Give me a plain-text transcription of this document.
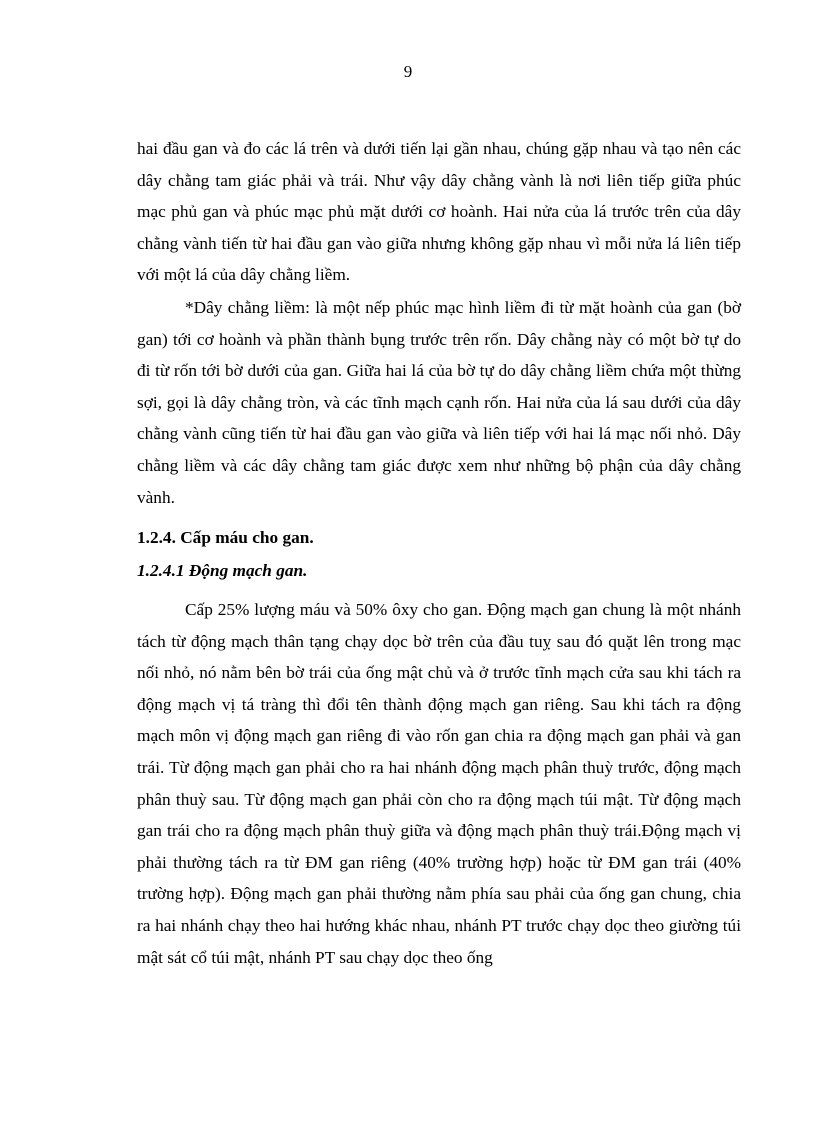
9

hai đầu gan và đo các lá trên và dưới tiến lại gần nhau, chúng gặp nhau và tạo nên các dây chằng tam giác phải và trái. Như vậy dây chằng vành là nơi liên tiếp giữa phúc mạc phủ gan và phúc mạc phủ mặt dưới cơ hoành. Hai nửa của lá trước trên của dây chằng vành tiến từ hai đầu gan vào giữa nhưng không gặp nhau vì mỗi nửa lá liên tiếp với một lá của dây chằng liềm.

*Dây chằng liềm: là một nếp phúc mạc hình liềm đi từ mặt hoành của gan (bờ gan) tới cơ hoành và phần thành bụng trước trên rốn. Dây chằng này có một bờ tự do đi từ rốn tới bờ dưới của gan. Giữa hai lá của bờ tự do dây chằng liềm chứa một thừng sợi, gọi là dây chằng tròn, và các tĩnh mạch cạnh rốn. Hai nửa của lá sau dưới của dây chằng vành cũng tiến từ hai đầu gan vào giữa và liên tiếp với hai lá mạc nối nhỏ. Dây chằng liềm và các dây chằng tam giác được xem như những bộ phận của dây chằng vành.

1.2.4. Cấp máu cho gan.
1.2.4.1 Động mạch gan.

Cấp 25% lượng máu và 50% ôxy cho gan. Động mạch gan chung là một nhánh tách từ động mạch thân tạng chạy dọc bờ trên của đầu tuỵ sau đó quặt lên trong mạc nối nhỏ, nó nằm bên bờ trái của ống mật chủ và ở trước tĩnh mạch cửa sau khi tách ra động mạch vị tá tràng thì đổi tên thành động mạch gan riêng. Sau khi tách ra động mạch môn vị động mạch gan riêng đi vào rốn gan chia ra động mạch gan phải và gan trái. Từ động mạch gan phải cho ra hai nhánh động mạch phân thuỳ trước, động mạch phân thuỳ sau. Từ động mạch gan phải còn cho ra động mạch túi mật. Từ động mạch gan trái cho ra động mạch phân thuỳ giữa và động mạch phân thuỳ trái.Động mạch vị phải thường tách ra từ ĐM gan riêng (40% trường hợp) hoặc từ ĐM gan trái (40% trường hợp). Động mạch gan phải thường nằm phía sau phải của ống gan chung, chia ra hai nhánh chạy theo hai hướng khác nhau, nhánh PT trước chạy dọc theo giường túi mật sát cổ túi mật, nhánh PT sau chạy dọc theo ống
